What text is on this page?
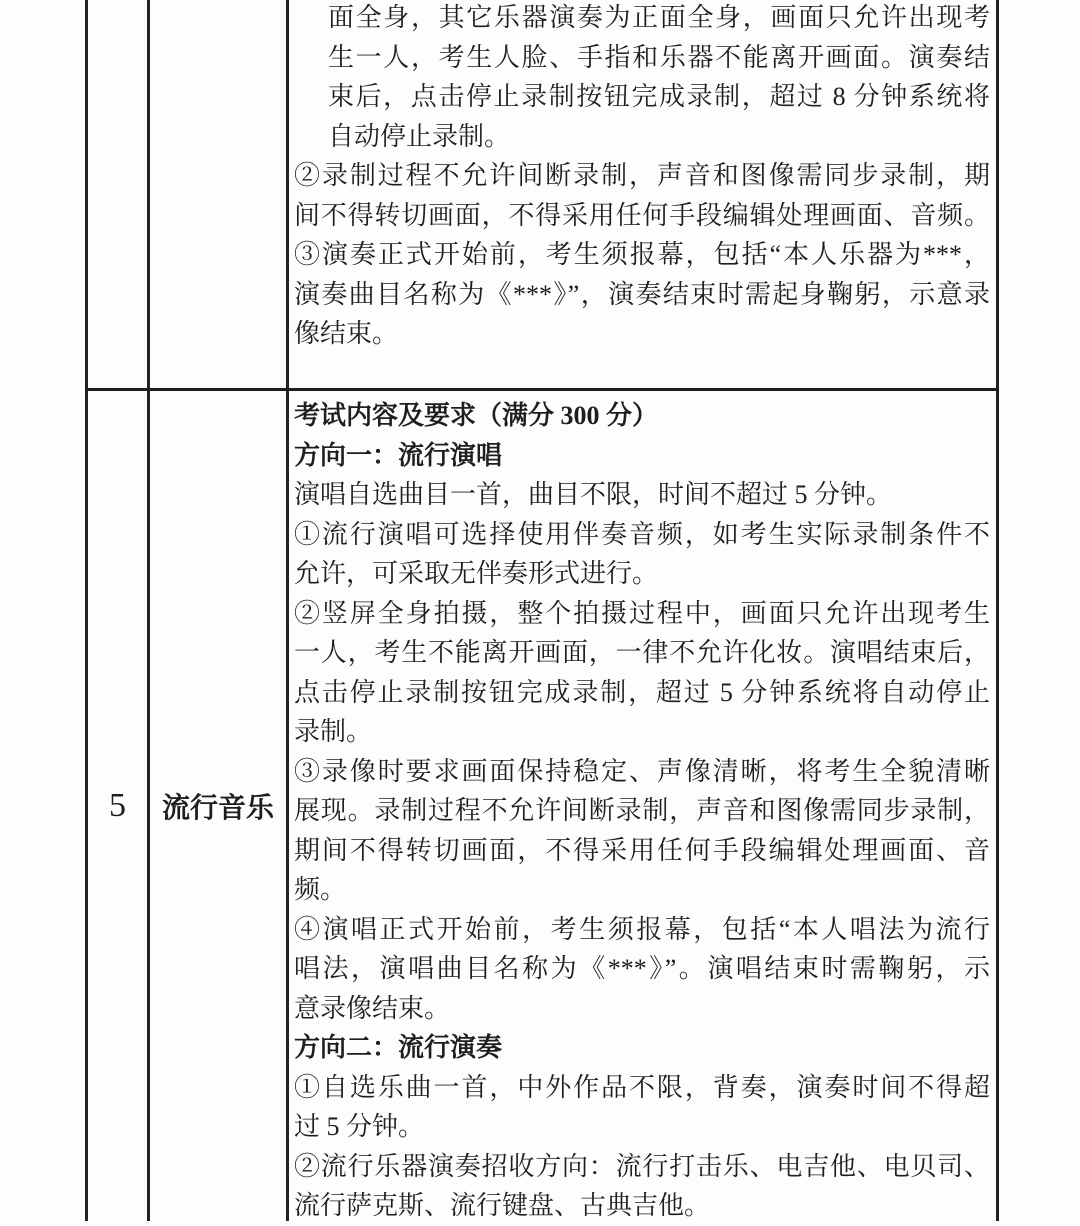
面全身，其它乐器演奏为正面全身，画面只允许出现考
生一人，考生人脸、手指和乐器不能离开画面。演奏结
束后，点击停止录制按钮完成录制，超过 8 分钟系统将
自动停止录制。
②录制过程不允许间断录制，声音和图像需同步录制，期
间不得转切画面，不得采用任何手段编辑处理画面、音频。
③演奏正式开始前，考生须报幕，包括“本人乐器为***，
演奏曲目名称为《***》”，演奏结束时需起身鞠躬，示意录
像结束。
5 流行音乐
考试内容及要求（满分 300 分）
方向一：流行演唱
演唱自选曲目一首，曲目不限，时间不超过 5 分钟。
①流行演唱可选择使用伴奏音频，如考生实际录制条件不
允许，可采取无伴奏形式进行。
②竖屏全身拍摄，整个拍摄过程中，画面只允许出现考生
一人，考生不能离开画面，一律不允许化妆。演唱结束后，
点击停止录制按钮完成录制，超过 5 分钟系统将自动停止
录制。
③录像时要求画面保持稳定、声像清晰，将考生全貌清晰
展现。录制过程不允许间断录制，声音和图像需同步录制，
期间不得转切画面，不得采用任何手段编辑处理画面、音
频。
④演唱正式开始前，考生须报幕，包括“本人唱法为流行
唱法，演唱曲目名称为《***》”。演唱结束时需鞠躬，示
意录像结束。
方向二：流行演奏
①自选乐曲一首，中外作品不限，背奏，演奏时间不得超
过 5 分钟。
②流行乐器演奏招收方向：流行打击乐、电吉他、电贝司、
流行萨克斯、流行键盘、古典吉他。
